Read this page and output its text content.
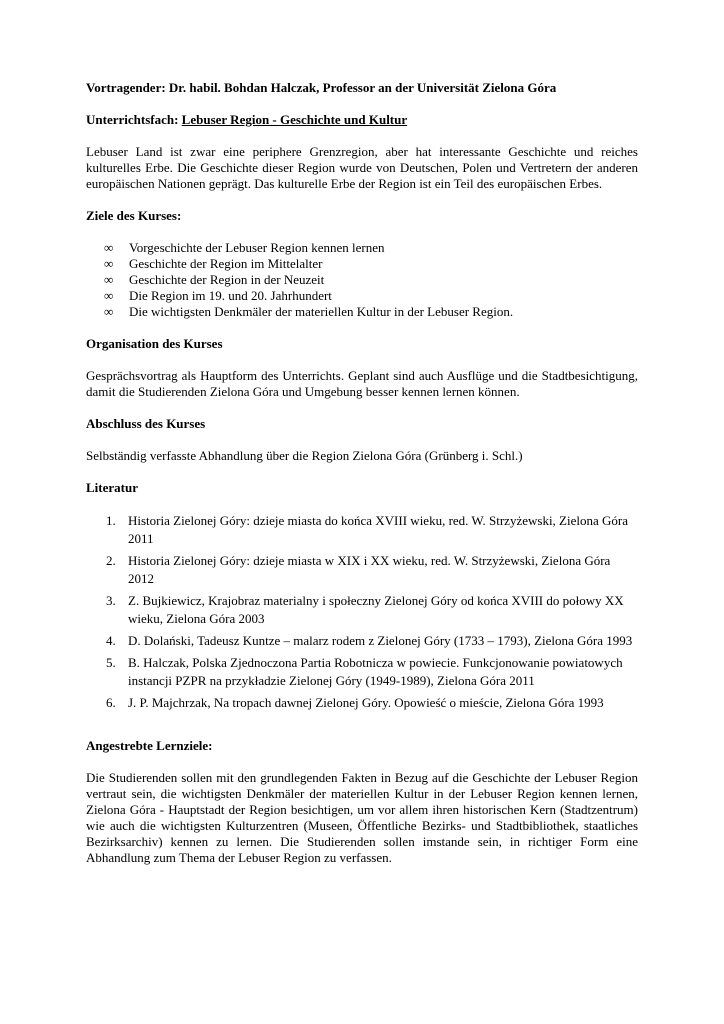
Vortragender: Dr. habil. Bohdan Halczak, Professor an der Universität Zielona Góra

Unterrichtsfach: Lebuser Region - Geschichte und Kultur

Lebuser Land ist zwar eine periphere Grenzregion, aber hat interessante Geschichte und reiches kulturelles Erbe. Die Geschichte dieser Region wurde von Deutschen, Polen und Vertretern der anderen europäischen Nationen geprägt. Das kulturelle Erbe der Region ist ein Teil des europäischen Erbes.

Ziele des Kurses:

∞ Vorgeschichte der Lebuser Region kennen lernen
∞ Geschichte der Region im Mittelalter
∞ Geschichte der Region in der Neuzeit
∞ Die Region im 19. und 20. Jahrhundert
∞ Die wichtigsten Denkmäler der materiellen Kultur in der Lebuser Region.

Organisation des Kurses

Gesprächsvortrag als Hauptform des Unterrichts. Geplant sind auch Ausflüge und die Stadtbesichtigung, damit die Studierenden Zielona Góra und Umgebung besser kennen lernen können.

Abschluss des Kurses

Selbständig verfasste Abhandlung über die Region Zielona Góra (Grünberg i. Schl.)

Literatur

1. Historia Zielonej Góry: dzieje miasta do końca XVIII wieku, red. W. Strzyżewski, Zielona Góra 2011
2. Historia Zielonej Góry: dzieje miasta w XIX i XX wieku, red. W. Strzyżewski, Zielona Góra 2012
3. Z. Bujkiewicz, Krajobraz materialny i społeczny Zielonej Góry od końca XVIII do połowy XX wieku, Zielona Góra 2003
4. D. Dolański, Tadeusz Kuntze – malarz rodem z Zielonej Góry (1733 – 1793), Zielona Góra 1993
5. B. Halczak, Polska Zjednoczona Partia Robotnicza w powiecie. Funkcjonowanie powiatowych instancji PZPR na przykładzie Zielonej Góry (1949-1989), Zielona Góra 2011
6. J. P. Majchrzak, Na tropach dawnej Zielonej Góry. Opowieść o mieście, Zielona Góra 1993

Angestrebte Lernziele:

Die Studierenden sollen mit den grundlegenden Fakten in Bezug auf die Geschichte der Lebuser Region vertraut sein, die wichtigsten Denkmäler der materiellen Kultur in der Lebuser Region kennen lernen, Zielona Góra - Hauptstadt der Region besichtigen, um vor allem ihren historischen Kern (Stadtzentrum) wie auch die wichtigsten Kulturzentren (Museen, Öffentliche Bezirks- und Stadtbibliothek, staatliches Bezirksarchiv) kennen zu lernen. Die Studierenden sollen imstande sein, in richtiger Form eine Abhandlung zum Thema der Lebuser Region zu verfassen.
